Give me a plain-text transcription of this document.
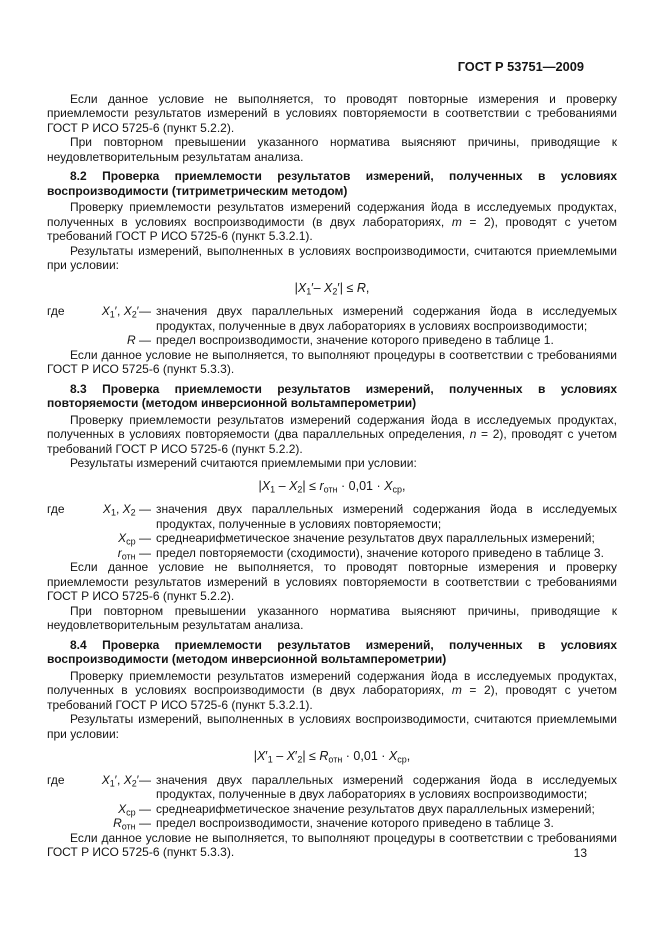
ГОСТ Р 53751—2009

Если данное условие не выполняется, то проводят повторные измерения и проверку приемлемости результатов измерений в условиях повторяемости в соответствии с требованиями ГОСТ Р ИСО 5725-6 (пункт 5.2.2).

При повторном превышении указанного норматива выясняют причины, приводящие к неудовлетворительным результатам анализа.

8.2 Проверка приемлемости результатов измерений, полученных в условиях воспроизводимости (титриметрическим методом)

Проверку приемлемости результатов измерений содержания йода в исследуемых продуктах, полученных в условиях воспроизводимости (в двух лабораториях, m = 2), проводят с учетом требований ГОСТ Р ИСО 5725-6 (пункт 5.3.2.1).

Результаты измерений, выполненных в условиях воспроизводимости, считаются приемлемыми при условии:

$|X_1'-$ $X_2'| \le R$,

где	$X_1'$, $X_2'—$ значения двух параллельных измерений содержания йода в исследуемых продуктах, полученные в двух лабораториях в условиях воспроизводимости;
R — предел воспроизводимости, значение которого приведено в таблице 1.

Если данное условие не выполняется, то выполняют процедуры в соответствии с требованиями ГОСТ Р ИСО 5725-6 (пункт 5.3.3).

8.3 Проверка приемлемости результатов измерений, полученных в условиях повторяемости (методом инверсионной вольтамперометрии)

Проверку приемлемости результатов измерений содержания йода в исследуемых продуктах, полученных в условиях повторяемости (два параллельных определения, n = 2), проводят с учетом требований ГОСТ Р ИСО 5725-6 (пункт 5.2.2).

Результаты измерений считаются приемлемыми при условии:

$|X_1 - X_2| \le r_{отн} \cdot 0,01 \cdot X_{ср}$,

где	$X_1$, $X_2$ — значения двух параллельных измерений содержания йода в исследуемых продуктах, полученные в условиях повторяемости;
$X_{ср}$ — среднеарифметическое значение результатов двух параллельных измерений;
$r_{отн}$ — предел повторяемости (сходимости), значение которого приведено в таблице 3.

Если данное условие не выполняется, то проводят повторные измерения и проверку приемлемости результатов измерений в условиях повторяемости в соответствии с требованиями ГОСТ Р ИСО 5725-6 (пункт 5.2.2).

При повторном превышении указанного норматива выясняют причины, приводящие к неудовлетворительным результатам анализа.

8.4 Проверка приемлемости результатов измерений, полученных в условиях воспроизводимости (методом инверсионной вольтамперометрии)

Проверку приемлемости результатов измерений содержания йода в исследуемых продуктах, полученных в условиях воспроизводимости (в двух лабораториях, m = 2), проводят с учетом требований ГОСТ Р ИСО 5725-6 (пункт 5.3.2.1).

Результаты измерений, выполненных в условиях воспроизводимости, считаются приемлемыми при условии:

$|X'_1 - X'_2| \le R_{отн} \cdot 0,01 \cdot X_{ср}$,

где	$X_1'$, $X_2'—$ значения двух параллельных измерений содержания йода в исследуемых продуктах, полученные в двух лабораториях в условиях воспроизводимости;
$X_{ср}$ — среднеарифметическое значение результатов двух параллельных измерений;
$R_{отн}$ — предел воспроизводимости, значение которого приведено в таблице 3.

Если данное условие не выполняется, то выполняют процедуры в соответствии с требованиями ГОСТ Р ИСО 5725-6 (пункт 5.3.3).	13
